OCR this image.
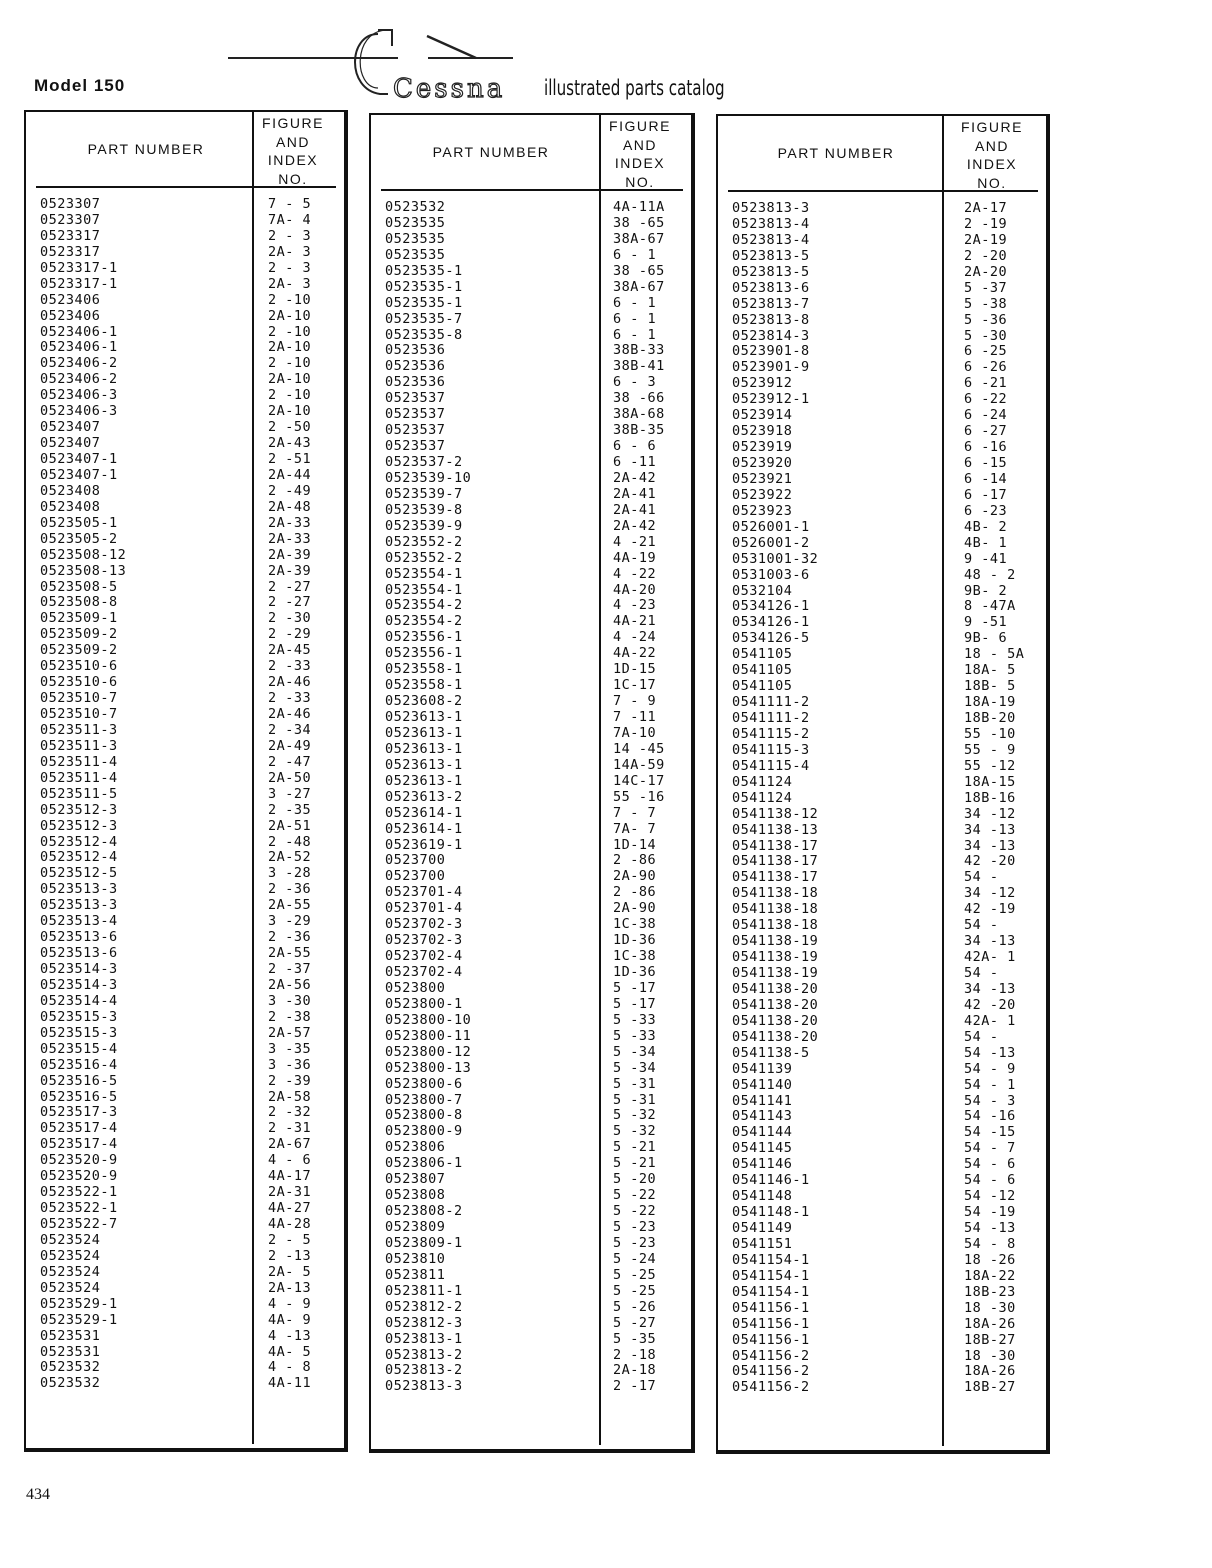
Model 150	Cessna illustrated parts catalog
PART NUMBER
FIGURE
AND
INDEX
NO.
0523307	7 - 5
0523307	7A- 4
0523317	2 - 3
0523317	2A- 3
0523317-1	2 - 3
0523317-1	2A- 3
0523406	2 -10
0523406	2A-10
0523406-1	2 -10
0523406-1	2A-10
0523406-2	2 -10
0523406-2	2A-10
0523406-3	2 -10
0523406-3	2A-10
0523407	2 -50
0523407	2A-43
0523407-1	2 -51
0523407-1	2A-44
0523408	2 -49
0523408	2A-48
0523505-1	2A-33
0523505-2	2A-33
0523508-12	2A-39
0523508-13	2A-39
0523508-5	2 -27
0523508-8	2 -27
0523509-1	2 -30
0523509-2	2 -29
0523509-2	2A-45
0523510-6	2 -33
0523510-6	2A-46
0523510-7	2 -33
0523510-7	2A-46
0523511-3	2 -34
0523511-3	2A-49
0523511-4	2 -47
0523511-4	2A-50
0523511-5	3 -27
0523512-3	2 -35
0523512-3	2A-51
0523512-4	2 -48
0523512-4	2A-52
0523512-5	3 -28
0523513-3	2 -36
0523513-3	2A-55
0523513-4	3 -29
0523513-6	2 -36
0523513-6	2A-55
0523514-3	2 -37
0523514-3	2A-56
0523514-4	3 -30
0523515-3	2 -38
0523515-3	2A-57
0523515-4	3 -35
0523516-4	3 -36
0523516-5	2 -39
0523516-5	2A-58
0523517-3	2 -32
0523517-4	2 -31
0523517-4	2A-67
0523520-9	4 - 6
0523520-9	4A-17
0523522-1	2A-31
0523522-1	4A-27
0523522-7	4A-28
0523524	2 - 5
0523524	2 -13
0523524	2A- 5
0523524	2A-13
0523529-1	4 - 9
0523529-1	4A- 9
0523531	4 -13
0523531	4A- 5
0523532	4 - 8
0523532	4A-11
PART NUMBER
FIGURE
AND
INDEX
NO.
0523532	4A-11A
0523535	38 -65
0523535	38A-67
0523535	6 - 1
0523535-1	38 -65
0523535-1	38A-67
0523535-1	6 - 1
0523535-7	6 - 1
0523535-8	6 - 1
0523536	38B-33
0523536	38B-41
0523536	6 - 3
0523537	38 -66
0523537	38A-68
0523537	38B-35
0523537	6 - 6
0523537-2	6 -11
0523539-10	2A-42
0523539-7	2A-41
0523539-8	2A-41
0523539-9	2A-42
0523552-2	4 -21
0523552-2	4A-19
0523554-1	4 -22
0523554-1	4A-20
0523554-2	4 -23
0523554-2	4A-21
0523556-1	4 -24
0523556-1	4A-22
0523558-1	1D-15
0523558-1	1C-17
0523608-2	7 - 9
0523613-1	7 -11
0523613-1	7A-10
0523613-1	14 -45
0523613-1	14A-59
0523613-1	14C-17
0523613-2	55 -16
0523614-1	7 - 7
0523614-1	7A- 7
0523619-1	1D-14
0523700	2 -86
0523700	2A-90
0523701-4	2 -86
0523701-4	2A-90
0523702-3	1C-38
0523702-3	1D-36
0523702-4	1C-38
0523702-4	1D-36
0523800	5 -17
0523800-1	5 -17
0523800-10	5 -33
0523800-11	5 -33
0523800-12	5 -34
0523800-13	5 -34
0523800-6	5 -31
0523800-7	5 -31
0523800-8	5 -32
0523800-9	5 -32
0523806	5 -21
0523806-1	5 -21
0523807	5 -20
0523808	5 -22
0523808-2	5 -22
0523809	5 -23
0523809-1	5 -23
0523810	5 -24
0523811	5 -25
0523811-1	5 -25
0523812-2	5 -26
0523812-3	5 -27
0523813-1	5 -35
0523813-2	2 -18
0523813-2	2A-18
0523813-3	2 -17
PART NUMBER
FIGURE
AND
INDEX
NO.
0523813-3	2A-17
0523813-4	2 -19
0523813-4	2A-19
0523813-5	2 -20
0523813-5	2A-20
0523813-6	5 -37
0523813-7	5 -38
0523813-8	5 -36
0523814-3	5 -30
0523901-8	6 -25
0523901-9	6 -26
0523912	6 -21
0523912-1	6 -22
0523914	6 -24
0523918	6 -27
0523919	6 -16
0523920	6 -15
0523921	6 -14
0523922	6 -17
0523923	6 -23
0526001-1	4B- 2
0526001-2	4B- 1
0531001-32	9 -41
0531003-6	48 - 2
0532104	9B- 2
0534126-1	8 -47A
0534126-1	9 -51
0534126-5	9B- 6
0541105	18 - 5A
0541105	18A- 5
0541105	18B- 5
0541111-2	18A-19
0541111-2	18B-20
0541115-2	55 -10
0541115-3	55 - 9
0541115-4	55 -12
0541124	18A-15
0541124	18B-16
0541138-12	34 -12
0541138-13	34 -13
0541138-17	34 -13
0541138-17	42 -20
0541138-17	54 -
0541138-18	34 -12
0541138-18	42 -19
0541138-18	54 -
0541138-19	34 -13
0541138-19	42A- 1
0541138-19	54 -
0541138-20	34 -13
0541138-20	42 -20
0541138-20	42A- 1
0541138-20	54 -
0541138-5	54 -13
0541139	54 - 9
0541140	54 - 1
0541141	54 - 3
0541143	54 -16
0541144	54 -15
0541145	54 - 7
0541146	54 - 6
0541146-1	54 - 6
0541148	54 -12
0541148-1	54 -19
0541149	54 -13
0541151	54 - 8
0541154-1	18 -26
0541154-1	18A-22
0541154-1	18B-23
0541156-1	18 -30
0541156-1	18A-26
0541156-1	18B-27
0541156-2	18 -30
0541156-2	18A-26
0541156-2	18B-27
434
